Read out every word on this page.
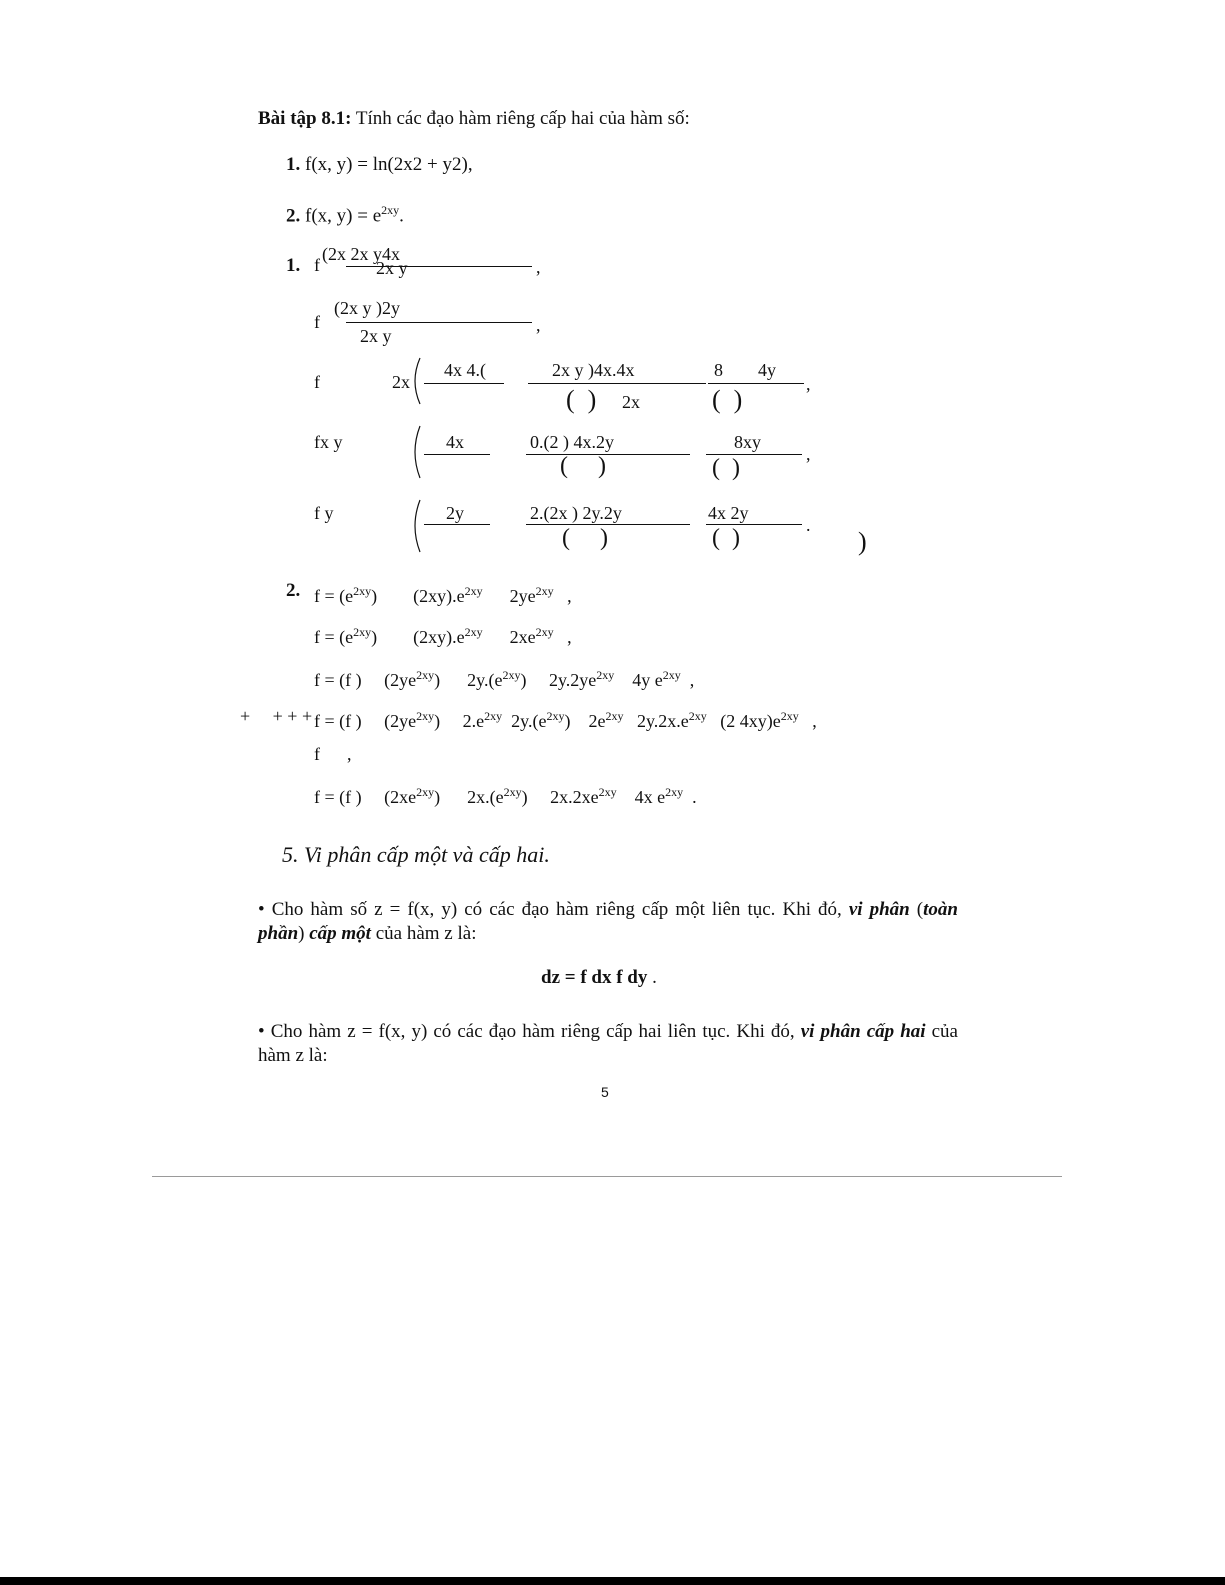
Bài tập 8.1: Tính các đạo hàm riêng cấp hai của hàm số:
1. f(x, y) = ln(2x2 + y2),
2. f(x, $y) = e^{2xy}$.
1. f
(2x 2x y4x
2x y	,
f
(2x y )2y
2x y
,
f	2x
4x 4.(	2x y )4x.4x
(  ) 2x
8 4y
(  )
,
fx y	4x	0.(2 ) 4x.2y
(     )
8xy
(  )
,
f y	2y	2.(2x ) 2y.2y
(     )
4x 2y
(  )	.
)
2. $f = (e^{2xy})$        $(2xy).e^{2xy}$ $2ye^{2xy}$ ,
$f = (e^{2xy})$        $(2xy).e^{2xy}$ $2xe^{2xy}$ ,
f = (f )     $(2ye^{2xy})$      $2y.(e^{2xy})$     $2y.2ye^{2xy}$ 4y $e^{2xy}$ ,
+     + + + f = (f )     $(2ye^{2xy})$     $2.e^{2xy}$ $2y.(e^{2xy})$    $2e^{2xy}$ $2y.2x.e^{2xy}$ (2 $4xy)e^{2xy}$ ,
f ,
f = (f )     $(2xe^{2xy})$      $2x.(e^{2xy})$     $2x.2xe^{2xy}$ 4x $e^{2xy}$ .
5. Vi phân cấp một và cấp hai.
• Cho hàm số z = f(x, y) có các đạo hàm riêng cấp một liên tục. Khi đó, vi phân (toàn phần) cấp một của hàm z là:
dz = f dx f dy .
• Cho hàm z = f(x, y) có các đạo hàm riêng cấp hai liên tục. Khi đó, vi phân cấp hai của hàm z là:
5
